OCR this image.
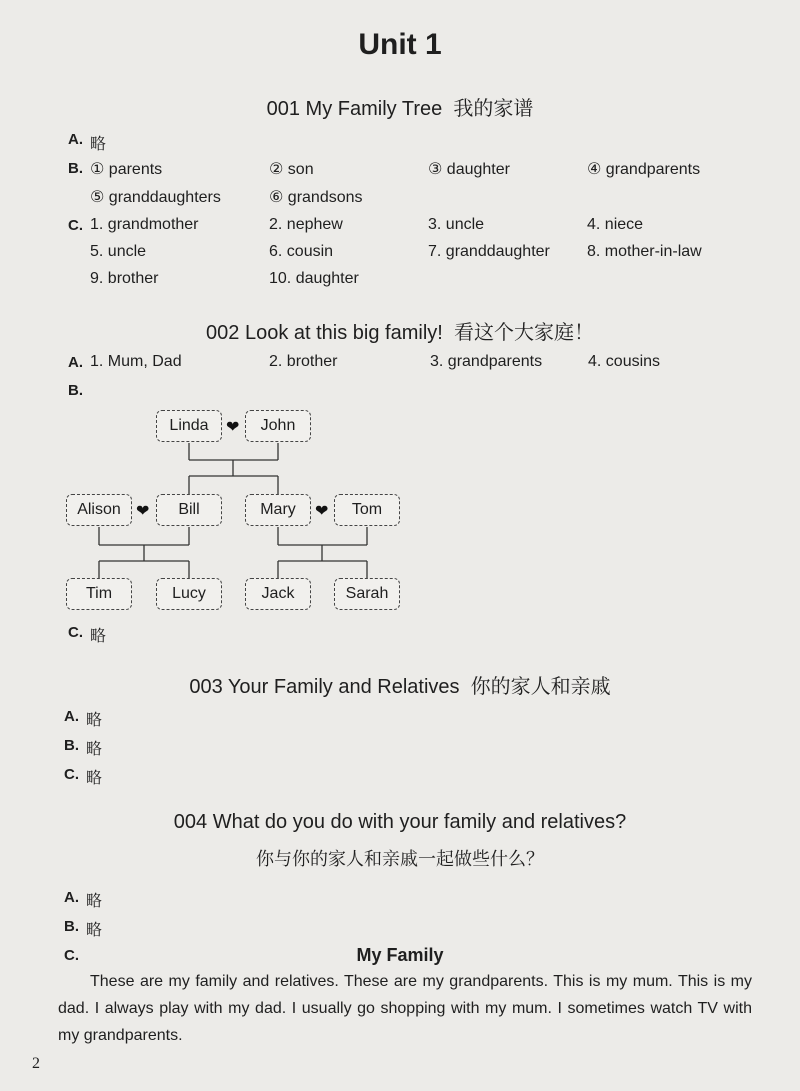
Unit 1
001 My Family Tree 我的家谱
A. 略
B. ① parents	② son	③ daughter	④ grandparents
⑤ granddaughters	⑥ grandsons
C. 1. grandmother	2. nephew	3. uncle	4. niece
5. uncle	6. cousin	7. granddaughter 8. mother-in-law
9. brother	10. daughter
002 Look at this big family! 看这个大家庭！
A. 1. Mum, Dad	2. brother	3. grandparents	4. cousins
B.
Linda	❤	John
Alison ❤	Bill	Mary	❤	Tom
Tim	Lucy	Jack	Sarah
C. 略
003 Your Family and Relatives 你的家人和亲戚
A. 略
B. 略
C. 略
004 What do you do with your family and relatives?
你与你的家人和亲戚一起做些什么？
A. 略
B. 略
C.	My Family
These are my family and relatives. These are my grandparents. This is my mum. This is my dad. I always play with my dad. I usually go shopping with my mum. I sometimes watch TV with my grandparents.
2
